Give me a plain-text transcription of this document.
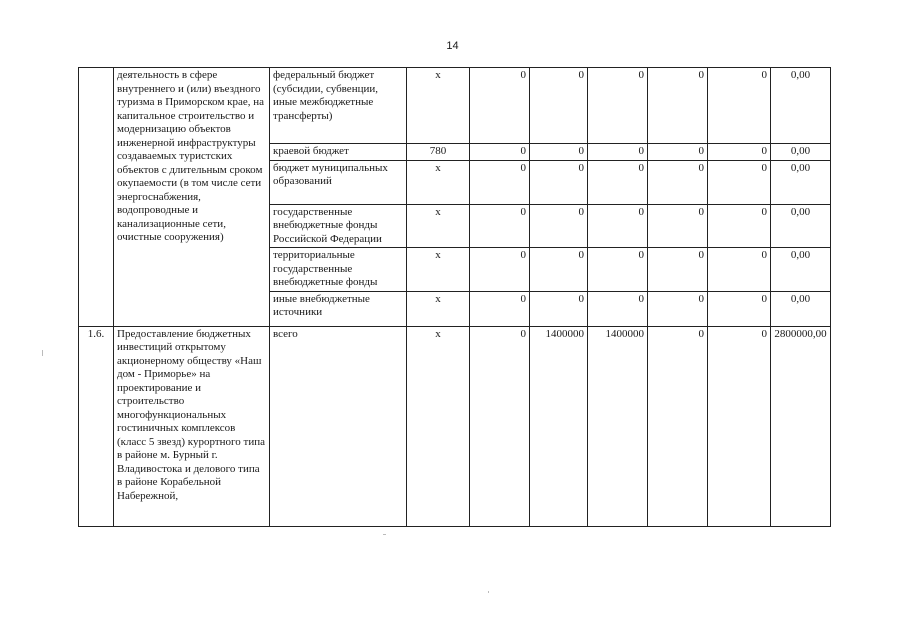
14
	деятельность в сфере внутреннего и (или) въездного туризма в Приморском крае, на капитальное строительство и модернизацию объектов инженерной инфраструктуры создаваемых туристских объектов с длительным сроком окупаемости (в том числе сети энергоснабжения, водопроводные и канализационные сети, очистные сооружения)	федеральный бюджет (субсидии, субвенции, иные межбюджетные трансферты)	x	0	0	0	0	0	0,00
		краевой бюджет	780	0	0	0	0	0	0,00
		бюджет муниципальных образований	x	0	0	0	0	0	0,00
		государственные внебюджетные фонды Российской Федерации	x	0	0	0	0	0	0,00
		территориальные государственные внебюджетные фонды	x	0	0	0	0	0	0,00
		иные внебюджетные источники	x	0	0	0	0	0	0,00
1.6.	Предоставление бюджетных инвестиций открытому акционерному обществу «Наш дом - Приморье» на проектирование и строительство многофункциональных гостиничных комплексов (класс 5 звезд) курортного типа в районе м. Бурный г. Владивостока и делового типа в районе Корабельной Набережной,	всего	x	0	1400000	1400000	0	0	2800000,00
